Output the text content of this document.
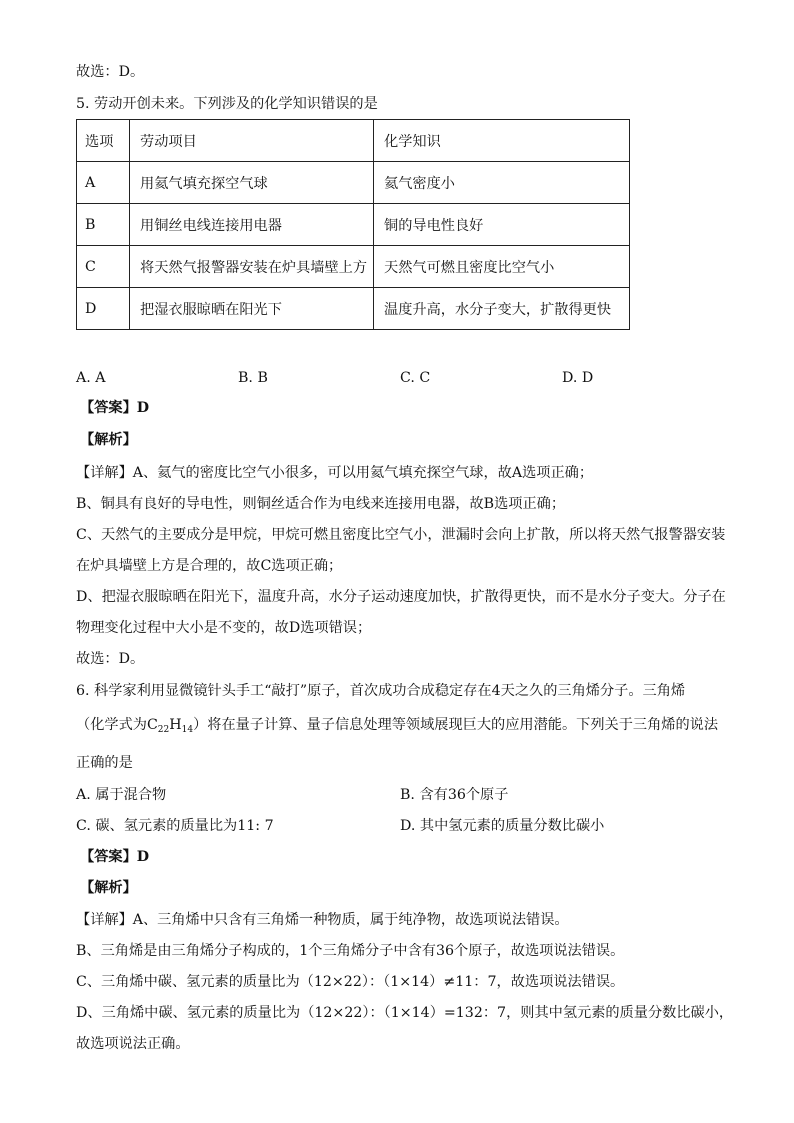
故选：D。
5. 劳动开创未来。下列涉及的化学知识错误的是
选项	劳动项目	化学知识
A	用氦气填充探空气球	氦气密度小
B	用铜丝电线连接用电器	铜的导电性良好
C	将天然气报警器安装在炉具墙壁上方	天然气可燃且密度比空气小
D	把湿衣服晾晒在阳光下	温度升高，水分子变大，扩散得更快
A. A	B. B	C. C	D. D
【答案】D
【解析】
【详解】A、氦气的密度比空气小很多，可以用氦气填充探空气球，故A选项正确；
B、铜具有良好的导电性，则铜丝适合作为电线来连接用电器，故B选项正确；
C、天然气的主要成分是甲烷，甲烷可燃且密度比空气小，泄漏时会向上扩散，所以将天然气报警器安装
在炉具墙壁上方是合理的，故C选项正确；
D、把湿衣服晾晒在阳光下，温度升高，水分子运动速度加快，扩散得更快，而不是水分子变大。分子在
物理变化过程中大小是不变的，故D选项错误；
故选：D。
6. 科学家利用显微镜针头手工“敲打”原子，首次成功合成稳定存在4天之久的三角烯分子。三角烯
（化学式为$C_{22}H_{14}$）将在量子计算、量子信息处理等领域展现巨大的应用潜能。下列关于三角烯的说法
正确的是
A. 属于混合物	B. 含有36个原子
C. 碳、氢元素的质量比为11: 7	D. 其中氢元素的质量分数比碳小
【答案】D
【解析】
【详解】A、三角烯中只含有三角烯一种物质，属于纯净物，故选项说法错误。
B、三角烯是由三角烯分子构成的，1个三角烯分子中含有36个原子，故选项说法错误。
C、三角烯中碳、氢元素的质量比为（12×22）：（1×14）≠11：7，故选项说法错误。
D、三角烯中碳、氢元素的质量比为（12×22）：（1×14）=132：7，则其中氢元素的质量分数比碳小，
故选项说法正确。
